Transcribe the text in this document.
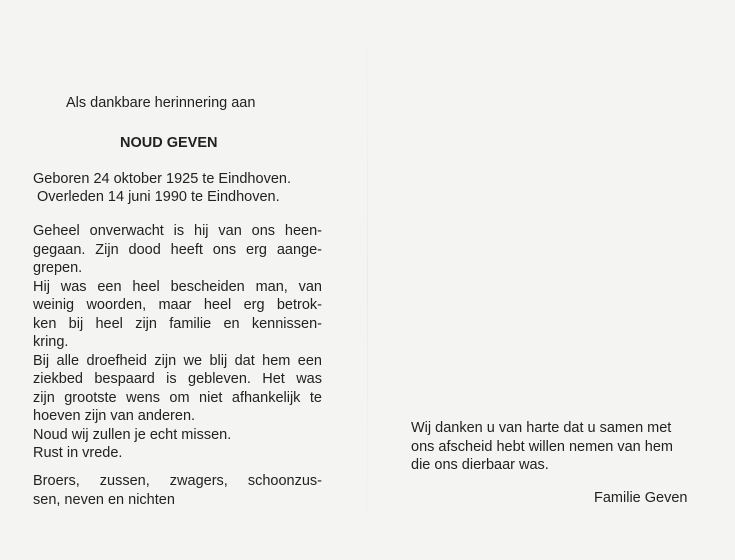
Als dankbare herinnering aan
NOUD GEVEN
Geboren 24 oktober 1925 te Eindhoven.
Overleden 14 juni 1990 te Eindhoven.
Geheel onverwacht is hij van ons heen-
gegaan. Zijn dood heeft ons erg aange-
grepen.
Hij was een heel bescheiden man, van
weinig woorden, maar heel erg betrok-
ken bij heel zijn familie en kennissen-
kring.
Bij alle droefheid zijn we blij dat hem een
ziekbed bespaard is gebleven. Het was
zijn grootste wens om niet afhankelijk te
hoeven zijn van anderen.
Noud wij zullen je echt missen.
Rust in vrede.
Broers, zussen, zwagers, schoonzus-
sen, neven en nichten
Wij danken u van harte dat u samen met
ons afscheid hebt willen nemen van hem
die ons dierbaar was.
Familie Geven
